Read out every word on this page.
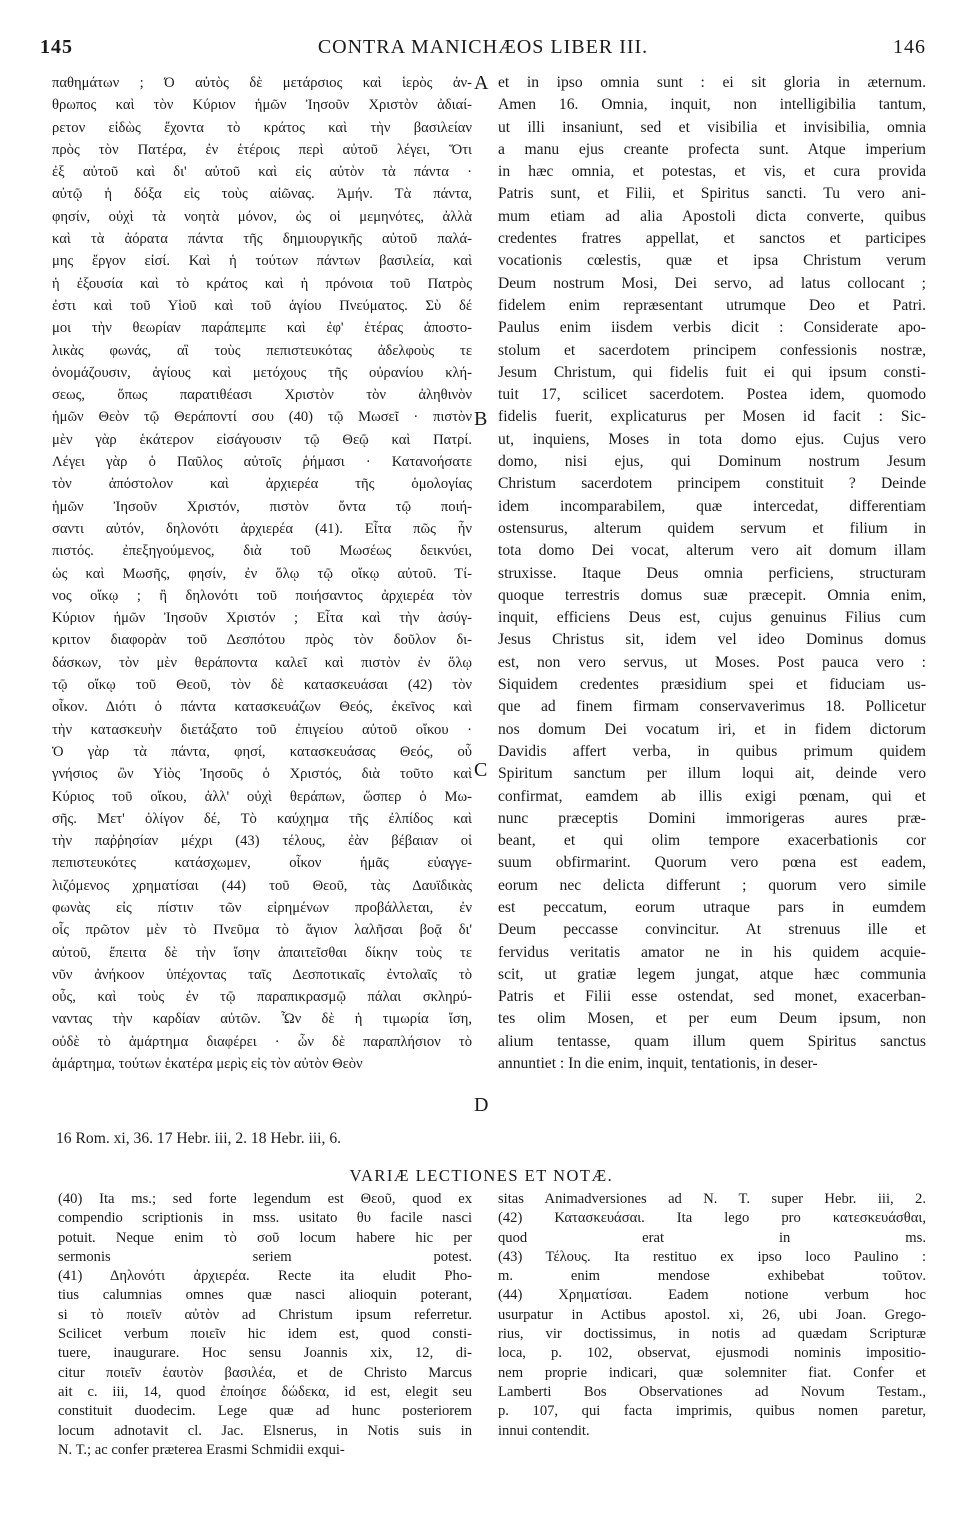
CONTRA MANICHÆOS LIBER III.
145	146
παθημάτων ; Ό αὐτὸς δὲ μετάρσιος καὶ ἱερὸς ἀν-
θρωπος καὶ τὸν Κύριον ἡμῶν Ἰησοῦν Χριστὸν ἀδιαί-
ρετον εἰδὼς ἔχοντα τὸ κράτος καὶ τὴν βασιλείαν
πρὸς τὸν Πατέρα, ἐν ἑτέροις περὶ αὐτοῦ λέγει, Ὅτι
ἐξ αὐτοῦ καὶ δι' αὐτοῦ καὶ εἰς αὐτὸν τὰ πάντα ·
αὐτῷ ἡ δόξα εἰς τοὺς αἰῶνας. Ἀμήν. Τὰ πάντα,
φησίν, οὐχὶ τὰ νοητὰ μόνον, ὡς οἱ μεμηνότες, ἀλλὰ
καὶ τὰ ἀόρατα πάντα τῆς δημιουργικῆς αὐτοῦ παλά-
μης ἔργον εἰσί. Καὶ ἡ τούτων πάντων βασιλεία, καὶ
ἡ ἐξουσία καὶ τὸ κράτος καὶ ἡ πρόνοια τοῦ Πατρὸς
ἐστι καὶ τοῦ Υἱοῦ καὶ τοῦ ἁγίου Πνεύματος. Σὺ δέ
μοι τὴν θεωρίαν παράπεμπε καὶ ἐφ' ἑτέρας ἀποστο-
λικὰς φωνάς, αἳ τοὺς πεπιστευκότας ἀδελφοὺς τε
ὀνομάζουσιν, ἁγίους καὶ μετόχους τῆς οὐρανίου κλή-
σεως, ὅπως παρατιθέασι Χριστὸν τὸν ἀληθινὸν
ἡμῶν Θεὸν τῷ Θεράποντί σου (40) τῷ Μωσεῖ · πιστὸν
μὲν γὰρ ἑκάτερον εἰσάγουσιν τῷ Θεῷ καὶ Πατρί.
Λέγει γὰρ ὁ Παῦλος αὐτοῖς ῥήμασι · Κατανοήσατε
τὸν ἀπόστολον καὶ ἀρχιερέα τῆς ὁμολογίας
ἡμῶν Ἰησοῦν Χριστόν, πιστὸν ὄντα τῷ ποιή-
σαντι αὐτόν, δηλονότι ἀρχιερέα (41). Εἶτα πῶς ἦν
πιστός. ἐπεξηγούμενος, διὰ τοῦ Μωσέως δεικνύει,
ὡς καὶ Μωσῆς, φησίν, ἐν ὅλῳ τῷ οἴκῳ αὐτοῦ. Τί-
νος οἴκῳ ; ἢ δηλονότι τοῦ ποιήσαντος ἀρχιερέα τὸν
Κύριον ἡμῶν Ἰησοῦν Χριστόν ; Εἶτα καὶ τὴν ἀσύγ-
κριτον διαφορὰν τοῦ Δεσπότου πρὸς τὸν δοῦλον δι-
δάσκων, τὸν μὲν θεράποντα καλεῖ καὶ πιστὸν ἐν ὅλῳ
τῷ οἴκῳ τοῦ Θεοῦ, τὸν δὲ κατασκευάσαι (42) τὸν
οἶκον. Διότι ὁ πάντα κατασκευάζων Θεός, ἐκεῖνος καὶ
τὴν κατασκευὴν διετάξατο τοῦ ἐπιγείου αὐτοῦ οἴκου ·
Ὁ γὰρ τὰ πάντα, φησί, κατασκευάσας Θεός, οὗ
γνήσιος ὢν Υἱὸς Ἰησοῦς ὁ Χριστός, διὰ τοῦτο καὶ
Κύριος τοῦ οἴκου, ἀλλ' οὐχὶ θεράπων, ὥσπερ ὁ Μω-
σῆς. Μετ' ὀλίγον δέ, Τὸ καύχημα τῆς ἐλπίδος καὶ
τὴν παῤῥησίαν μέχρι (43) τέλους, ἐὰν βέβαιαν οἱ
πεπιστευκότες κατάσχωμεν, οἶκον ἡμᾶς εὐαγγε-
λιζόμενος χρηματίσαι (44) τοῦ Θεοῦ, τὰς Δαυϊδικὰς
φωνὰς εἰς πίστιν τῶν εἰρημένων προβάλλεται, ἐν
οἷς πρῶτον μὲν τὸ Πνεῦμα τὸ ἅγιον λαλῆσαι βοᾷ δι'
αὐτοῦ, ἔπειτα δὲ τὴν ἴσην ἀπαιτεῖσθαι δίκην τοὺς τε
νῦν ἀνήκοον ὑπέχοντας ταῖς Δεσποτικαῖς ἐντολαῖς τὸ
οὖς, καὶ τοὺς ἐν τῷ παραπικρασμῷ πάλαι σκληρύ-
ναντας τὴν καρδίαν αὐτῶν. Ὧν δὲ ἡ τιμωρία ἴση,
οὐδὲ τὸ ἁμάρτημα διαφέρει · ὧν δὲ παραπλήσιον τὸ
ἁμάρτημα, τούτων ἑκατέρα μερὶς εἰς τὸν αὐτὸν Θεὸν
et in ipso omnia sunt : ei sit gloria in æternum.
Amen 16. Omnia, inquit, non intelligibilia tantum,
ut illi insaniunt, sed et visibilia et invisibilia, omnia
a manu ejus creante profecta sunt. Atque imperium
in hæc omnia, et potestas, et vis, et cura provida
Patris sunt, et Filii, et Spiritus sancti. Tu vero ani-
mum etiam ad alia Apostoli dicta converte, quibus
credentes fratres appellat, et sanctos et participes
vocationis cœlestis, quæ et ipsa Christum verum
Deum nostrum Mosi, Dei servo, ad latus collocant ;
fidelem enim repræsentant utrumque Deo et Patri.
Paulus enim iisdem verbis dicit : Considerate apo-
stolum et sacerdotem principem confessionis nostræ,
Jesum Christum, qui fidelis fuit ei qui ipsum consti-
tuit 17, scilicet sacerdotem. Postea idem, quomodo
fidelis fuerit, explicaturus per Mosen id facit : Sic-
ut, inquiens, Moses in tota domo ejus. Cujus vero
domo, nisi ejus, qui Dominum nostrum Jesum
Christum sacerdotem principem constituit ? Deinde
idem incomparabilem, quæ intercedat, differentiam
ostensurus, alterum quidem servum et filium in
tota domo Dei vocat, alterum vero ait domum illam
struxisse. Itaque Deus omnia perficiens, structuram
quoque terrestris domus suæ præcepit. Omnia enim,
inquit, efficiens Deus est, cujus genuinus Filius cum
Jesus Christus sit, idem vel ideo Dominus domus
est, non vero servus, ut Moses. Post pauca vero :
Siquidem credentes præsidium spei et fiduciam us-
que ad finem firmam conservaverimus 18. Pollicetur
nos domum Dei vocatum iri, et in fidem dictorum
Davidis affert verba, in quibus primum quidem
Spiritum sanctum per illum loqui ait, deinde vero
confirmat, eamdem ab illis exigi pœnam, qui et
nunc præceptis Domini immorigeras aures præ-
beant, et qui olim tempore exacerbationis cor
suum obfirmarint. Quorum vero pœna est eadem,
eorum nec delicta differunt ; quorum vero simile
est peccatum, eorum utraque pars in eumdem
Deum peccasse convincitur. At strenuus ille et
fervidus veritatis amator ne in his quidem acquie-
scit, ut gratiæ legem jungat, atque hæc communia
Patris et Filii esse ostendat, sed monet, exacerban-
tes olim Mosen, et per eum Deum ipsum, non
alium tentasse, quam illum quem Spiritus sanctus
annuntiet : In die enim, inquit, tentationis, in deser-
A
B
C
D
16 Rom. xi, 36. 17 Hebr. iii, 2. 18 Hebr. iii, 6.
VARIÆ LECTIONES ET NOTÆ.
(40) Ita ms.; sed forte legendum est Θεοῦ, quod ex
compendio scriptionis in mss. usitato θυ facile nasci
potuit. Neque enim τὸ σοῦ locum habere hic per
sermonis seriem potest.
(41) Δηλονότι ἀρχιερέα. Recte ita eludit Pho-
tius calumnias omnes quæ nasci alioquin poterant,
si τὸ ποιεῖν αὐτὸν ad Christum ipsum referretur.
Scilicet verbum ποιεῖν hic idem est, quod consti-
tuere, inaugurare. Hoc sensu Joannis xix, 12, di-
citur ποιεῖν ἑαυτὸν βασιλέα, et de Christo Marcus
ait c. iii, 14, quod ἐποίησε δώδεκα, id est, elegit seu
constituit duodecim. Lege quæ ad hunc posteriorem
locum adnotavit cl. Jac. Elsnerus, in Notis suis in
N. T.; ac confer præterea Erasmi Schmidii exqui-
sitas Animadversiones ad N. T. super Hebr. iii, 2.
(42) Κατασκευάσαι. Ita lego pro κατεσκευάσθαι,
quod erat in ms.
(43) Τέλους. Ita restituo ex ipso loco Paulino :
m. enim mendose exhibebat τοῦτον.
(44) Χρηματίσαι. Eadem notione verbum hoc
usurpatur in Actibus apostol. xi, 26, ubi Joan. Grego-
rius, vir doctissimus, in notis ad quædam Scripturæ
loca, p. 102, observat, ejusmodi nominis impositio-
nem proprie indicari, quæ solemniter fiat. Confer et
Lamberti Bos Observationes ad Novum Testam.,
p. 107, qui facta imprimis, quibus nomen paretur,
innui contendit.
